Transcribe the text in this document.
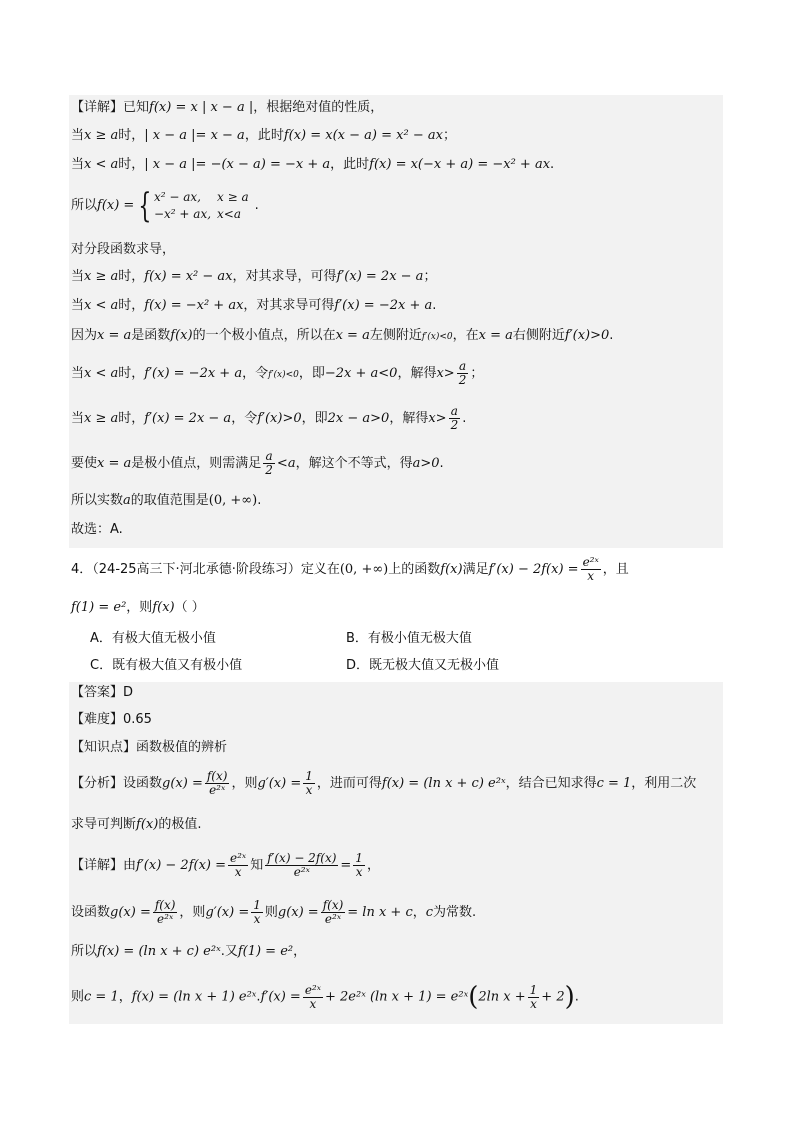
【详解】已知f(x) = x | x − a |，根据绝对值的性质，
当x ≥ a时，| x − a |= x − a，此时f(x) = x(x − a) = x² − ax；
当x < a时，| x − a |= −(x − a) = −x + a，此时f(x) = x(−x + a) = −x² + ax.
所以f(x) = { x² − ax,	x ≥ a
−x² + ax,	x<a.
对分段函数求导，
当x ≥ a时，f(x) = x² − ax，对其求导，可得f′(x) = 2x − a；
当x < a时，f(x) = −x² + ax，对其求导可得f′(x) = −2x + a.
因为x = a是函数f(x)的一个极小值点，所以在x = a左侧附近f′(x)<0，在x = a右侧附近f′(x)>0.
当x < a时，f′(x) = −2x + a，令f′(x)<0，即−2x + a<0，解得$x> \frac{a}{2}$ ；
当x ≥ a时，f′(x) = 2x − a，令f′(x)>0，即2x − a>0，解得$x> \frac{a}{2}$ .
要使x = a是极小值点，则需满足 $\frac{a}{2} <a$，解这个不等式，得a>0.
所以实数a的取值范围是(0, +∞).
故选：A.
4．（24-25高三下·河北承德·阶段练习）定义在(0, +∞)上的函数f(x)满足$f'(x) - 2f(x) = \frac{\text{e²ˣ}}{x}$ ，且
f(1) = e²，则f(x)（ ）
A．有极大值无极小值	B．有极小值无极大值
C．既有极大值又有极小值	D．既无极大值又无极小值
【答案】D
【难度】0.65
【知识点】函数极值的辨析
【分析】设函数$g(x) = \frac{f(x)}{\text{e²ˣ}}$ ，则$g'(x) = \frac{1}{x}$ ，进而可得f(x) = (ln x + c) e²ˣ，结合已知求得c = 1，利用二次
求导可判断f(x)的极值.
【详解】由$f'(x) - 2f(x) = \frac{\text{e²ˣ}}{x}$ 知 $\frac{f'(x) - 2f(x)}{\text{e²ˣ}} = \frac{1}{x}$ ，
设函数$g(x) = \frac{f(x)}{\text{e²ˣ}}$ ，则$g'(x) = \frac{1}{x}$ 则$g(x) = \frac{f(x)}{\text{e²ˣ}} = \ln x + c$，c为常数.
所以f(x) = (ln x + c) e²ˣ.又f(1) = e²，
则c = 1，f(x) = (ln x + 1) e²ˣ.f′(x) = $\frac{\text{e²ˣ}}{x}$ + 2e²ˣ (ln x + 1) = e²ˣ(2ln $x + \frac{1}{x} + 2$).
